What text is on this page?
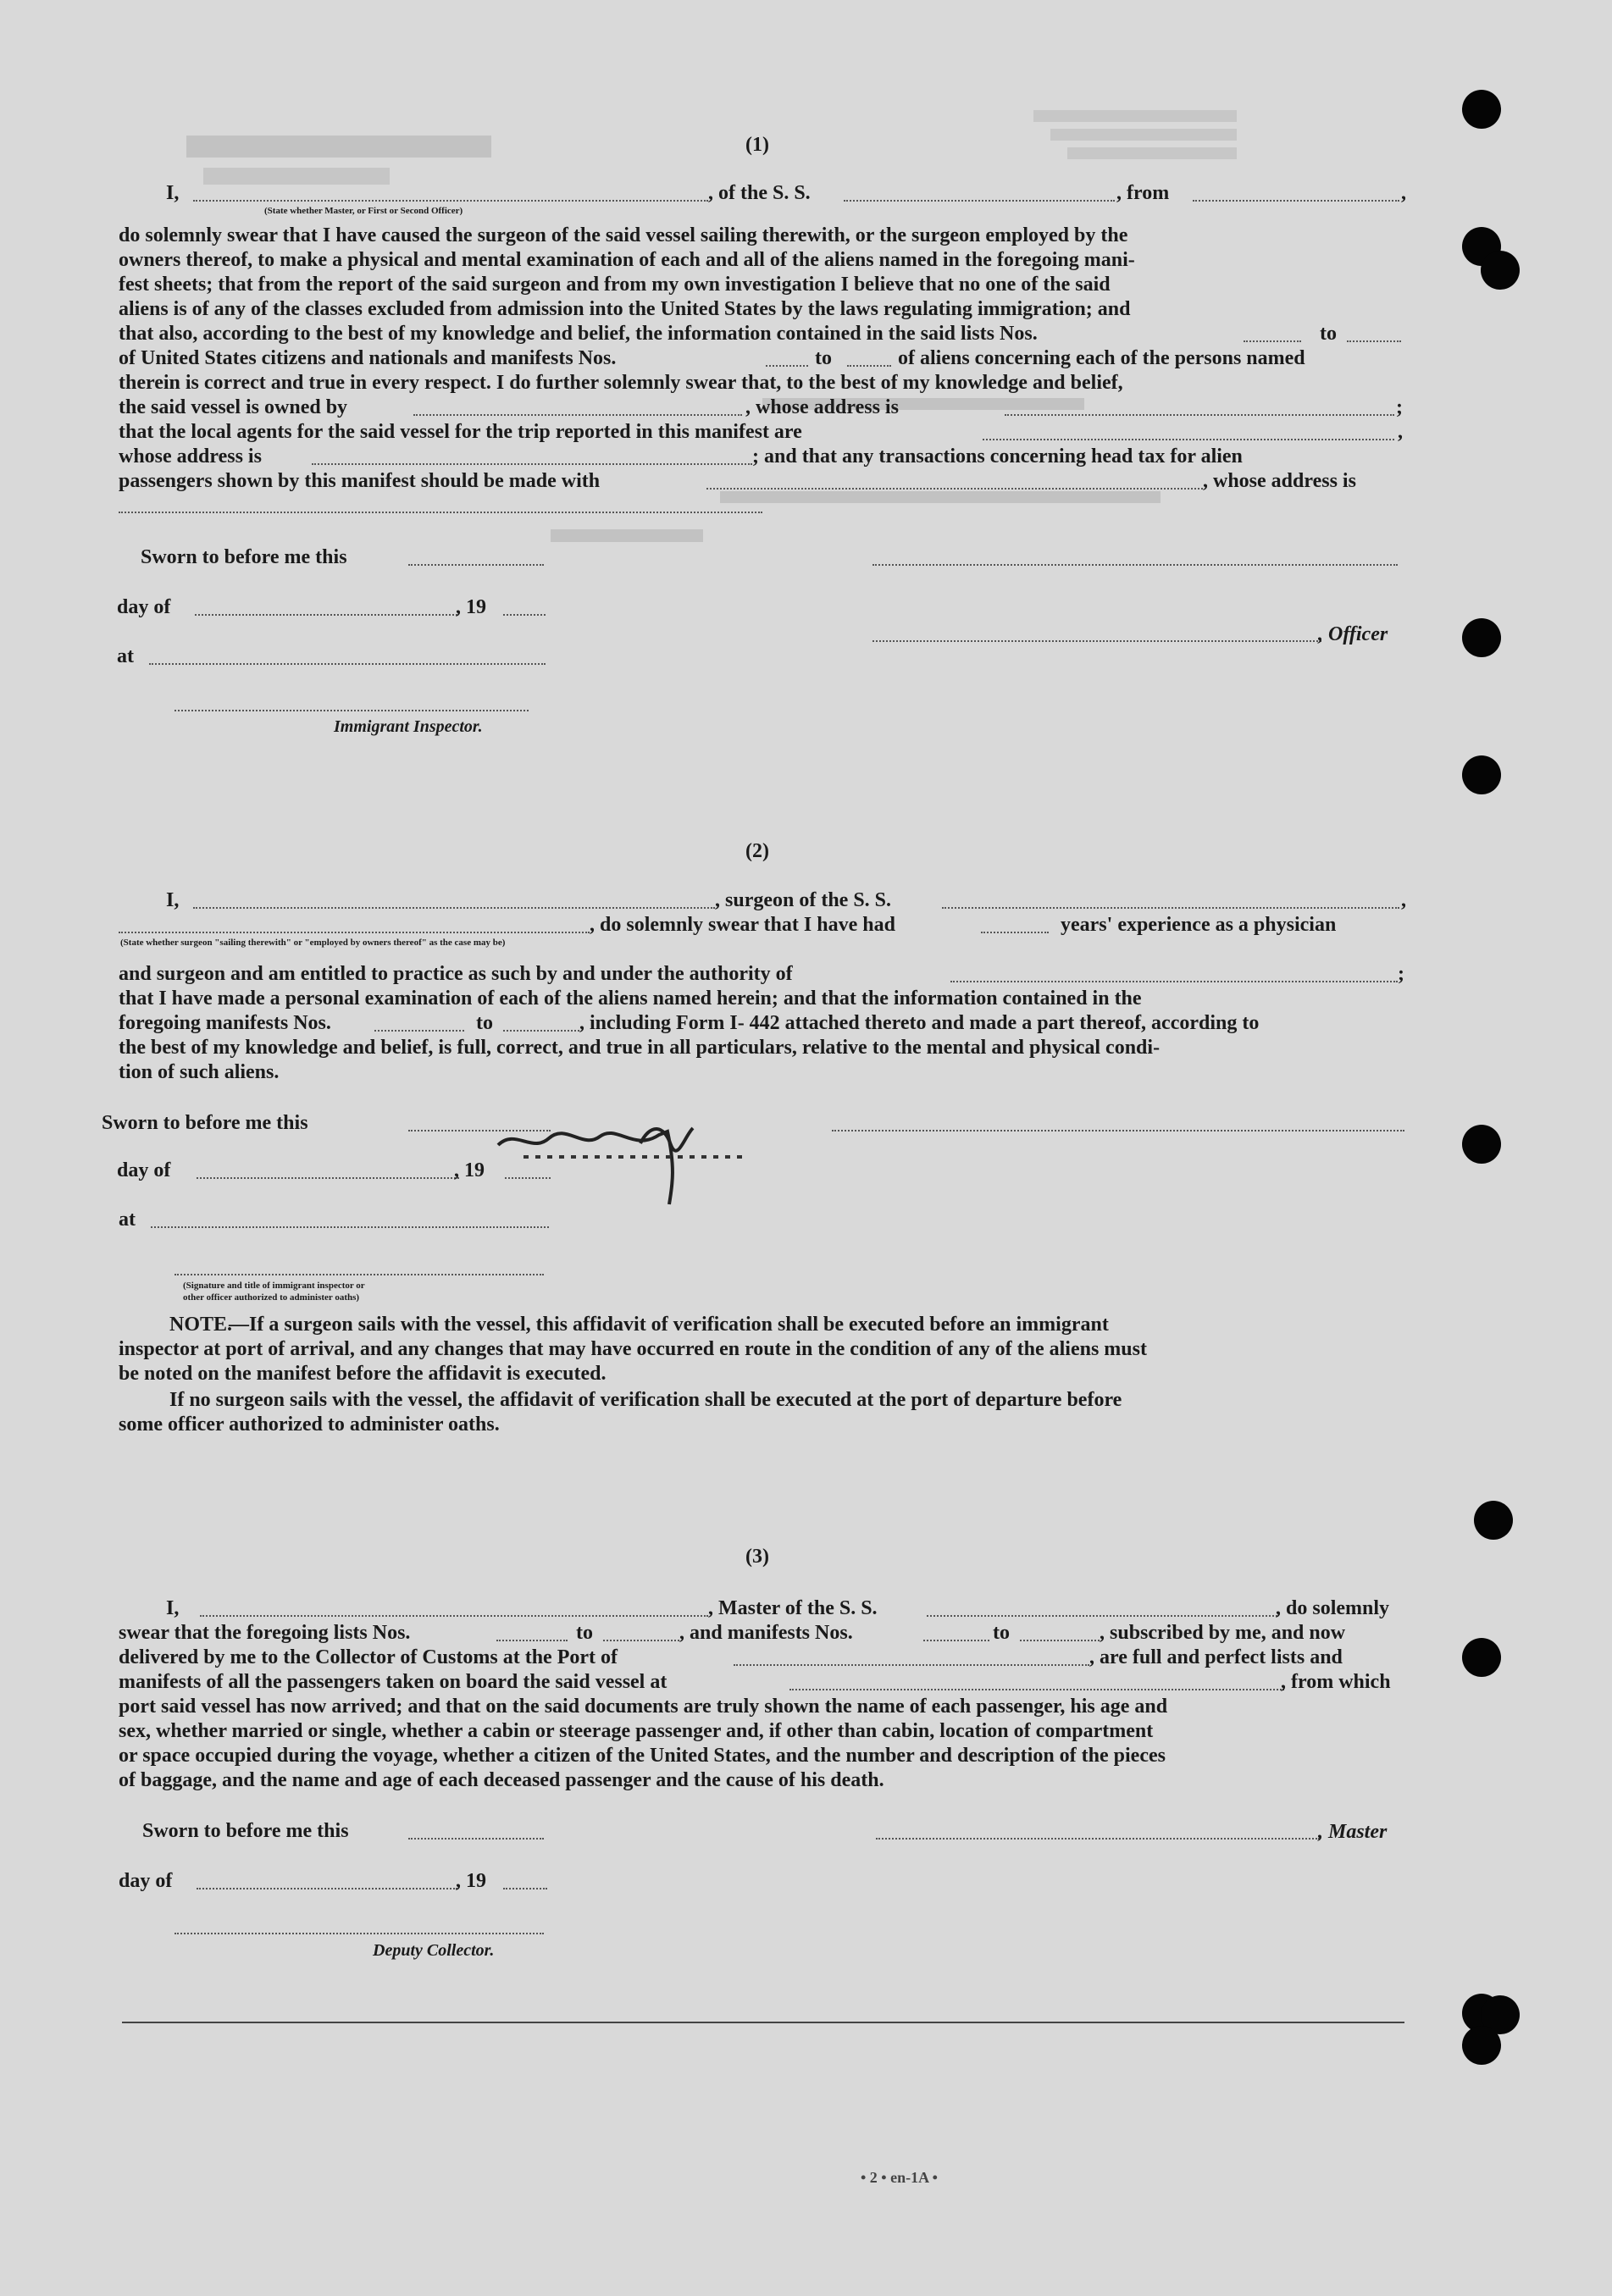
(1)
I,	, of the S. S.	, from	,
(State whether Master, or First or Second Officer)
do solemnly swear that I have caused the surgeon of the said vessel sailing therewith, or the surgeon employed by the
owners thereof, to make a physical and mental examination of each and all of the aliens named in the foregoing mani-
fest sheets; that from the report of the said surgeon and from my own investigation I believe that no one of the said
aliens is of any of the classes excluded from admission into the United States by the laws regulating immigration; and
that also, according to the best of my knowledge and belief, the information contained in the said lists Nos.	to
of United States citizens and nationals and manifests Nos.	to	of aliens concerning each of the persons named
therein is correct and true in every respect. I do further solemnly swear that, to the best of my knowledge and belief,
the said vessel is owned by	, whose address is	;
that the local agents for the said vessel for the trip reported in this manifest are	,
whose address is	; and that any transactions concerning head tax for alien
passengers shown by this manifest should be made with	, whose address is
Sworn to before me this
day of	, 19
, Officer
at
Immigrant Inspector.
(2)
I,	, surgeon of the S. S.	,
, do solemnly swear that I have had	years' experience as a physician
(State whether surgeon "sailing therewith" or "employed by owners thereof" as the case may be)
and surgeon and am entitled to practice as such by and under the authority of	;
that I have made a personal examination of each of the aliens named herein; and that the information contained in the
foregoing manifests Nos.	to	, including Form I- 442 attached thereto and made a part thereof, according to
the best of my knowledge and belief, is full, correct, and true in all particulars, relative to the mental and physical condi-
tion of such aliens.
Sworn to before me this
day of	, 19
at
(Signature and title of immigrant inspector or
other officer authorized to administer oaths)
NOTE.
—If a surgeon sails with the vessel, this affidavit of verification shall be executed before an immigrant
inspector at port of arrival, and any changes that may have occurred en route in the condition of any of the aliens must
be noted on the manifest before the affidavit is executed.
If no surgeon sails with the vessel, the affidavit of verification shall be executed at the port of departure before
some officer authorized to administer oaths.
(3)
I,	, Master of the S. S.	, do solemnly
swear that the foregoing lists Nos.	to	, and manifests Nos.	to	, subscribed by me, and now
delivered by me to the Collector of Customs at the Port of	, are full and perfect lists and
manifests of all the passengers taken on board the said vessel at	, from which
port said vessel has now arrived; and that on the said documents are truly shown the name of each passenger, his age and
sex, whether married or single, whether a cabin or steerage passenger and, if other than cabin, location of compartment
or space occupied during the voyage, whether a citizen of the United States, and the number and description of the pieces
of baggage, and the name and age of each deceased passenger and the cause of his death.
Sworn to before me this	, Master
day of	, 19
Deputy Collector.
• 2 • en-1A •
